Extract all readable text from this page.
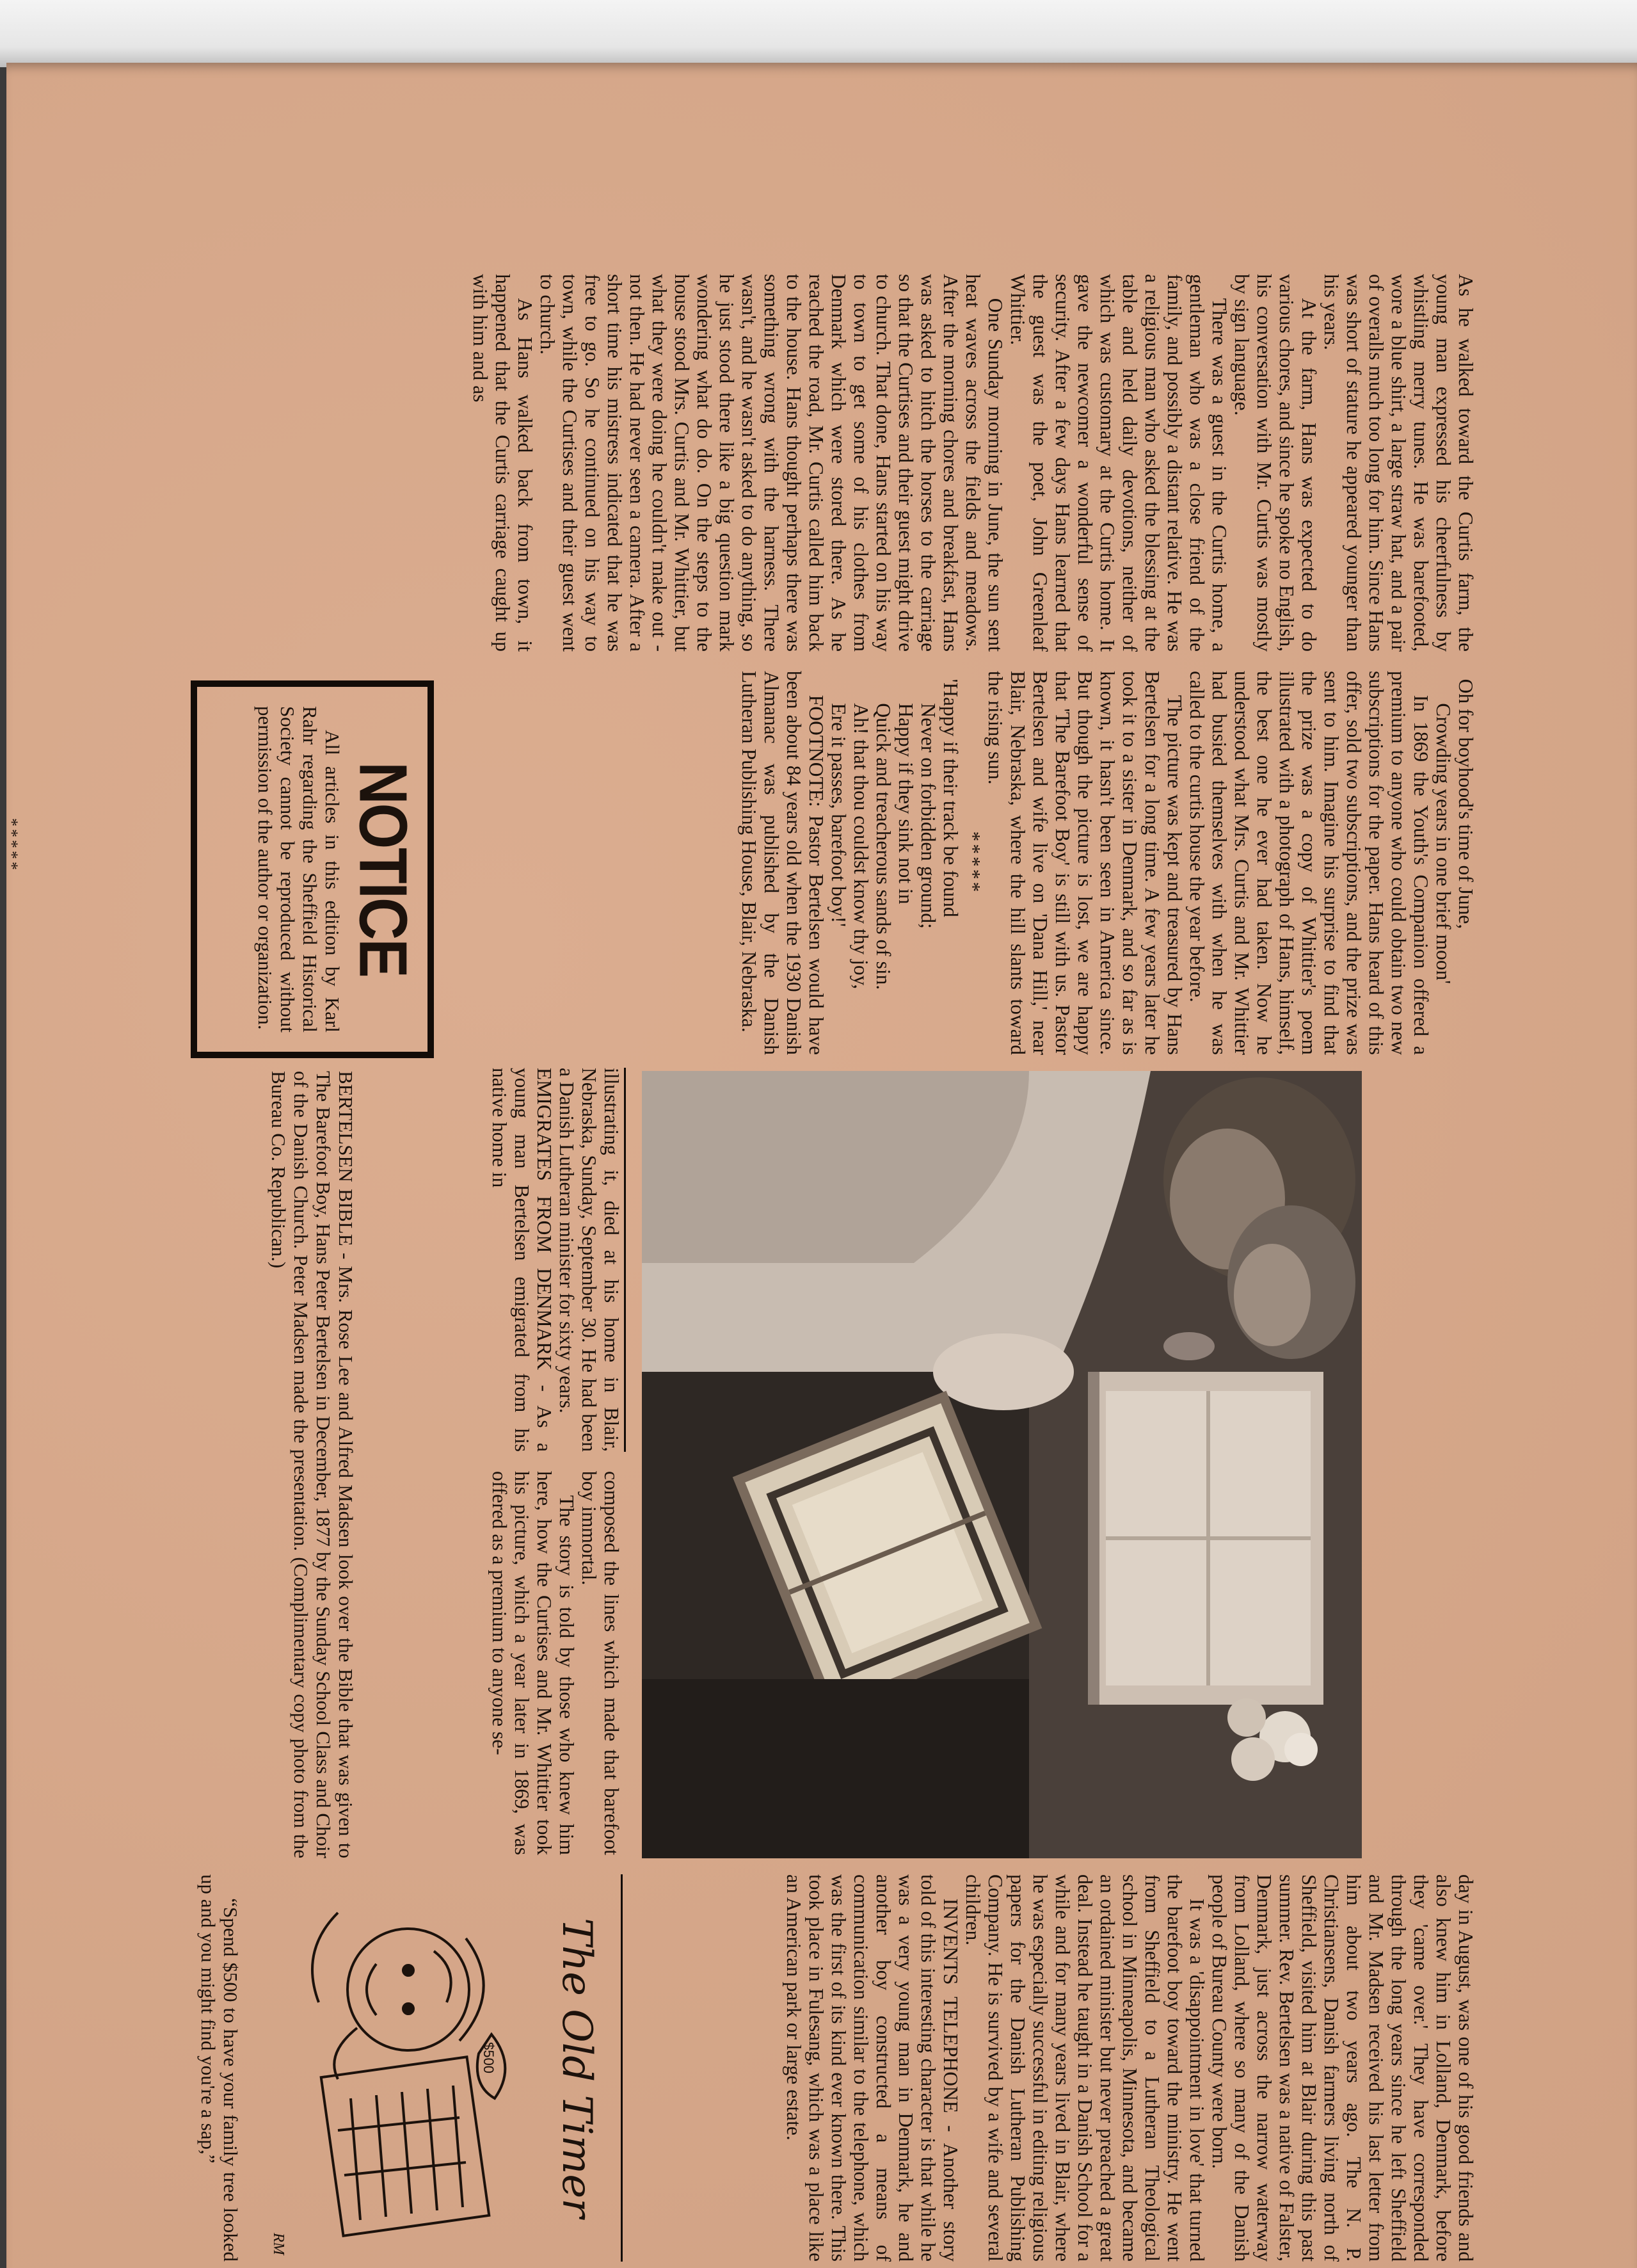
As he walked toward the Curtis farm, the young man expressed his cheerfulness by whistling merry tunes. He was barefooted, wore a blue shirt, a large straw hat, and a pair of overalls much too long for him. Since Hans was short of stature he appeared younger than his years.

At the farm, Hans was expected to do various chores, and since he spoke no English, his conversation with Mr. Curtis was mostly by sign language.

There was a guest in the Curtis home, a gentleman who was a close friend of the family, and possibly a distant relative. He was a religious man who asked the blessing at the table and held daily devotions, neither of which was customary at the Curtis home. It gave the newcomer a wonderful sense of security. After a few days Hans learned that the guest was the poet, John Greenleaf Whittier.

One Sunday morning in June, the sun sent heat waves across the fields and meadows. After the morning chores and breakfast, Hans was asked to hitch the horses to the carriage so that the Curtises and their guest might drive to church. That done, Hans started on his way to town to get some of his clothes from Denmark which were stored there. As he reached the road, Mr. Curtis called him back to the house. Hans thought perhaps there was something wrong with the harness. There wasn't, and he wasn't asked to do anything, so he just stood there like a big question mark wondering what do do. On the steps to the house stood Mrs. Curtis and Mr. Whittier, but what they were doing he couldn't make out - not then. He had never seen a camera. After a short time his mistress indicated that he was free to go. So he continued on his way to town, while the Curtises and their guest went to church.

As Hans walked back from town, it happened that the Curtis carriage caught up with him and as

Oh for boyhood's time of June,

Crowding years in one brief moon'

In 1869 the Youth's Companion offered a premium to anyone who could obtain two new subscriptions for the paper. Hans heard of this offer, sold two subscriptions, and the prize was sent to him. Imagine his surprise to find that the prize was a copy of Whittier's poem illustrated with a photograph of Hans, himself, the best one he ever had taken. Now he understood what Mrs. Curtis and Mr. Whittier had busied themselves with when he was called to the curtis house the year before.

The picture was kept and treasured by Hans Bertelsen for a long time. A few years later he took it to a sister in Denmark, and so far as is known, it hasn't been seen in America since. But though the picture is lost, we are happy that 'The Barefoot Boy' is still with us. Pastor Bertelsen and wife live on 'Dana Hill,' near Blair, Nebraska, where the hill slants toward the rising sun.

*****

'Happy if their track be found

Never on forbidden ground;

Happy if they sink not in

Quick and treacherous sands of sin.

Ah! that thou couldst know thy joy,

Ere it passes, barefoot boy!'

FOOTNOTE: Pastor Bertelsen would have been about 84 years old when the 1930 Danish Almanac was published by the Danish Lutheran Publishing House, Blair, Nebraska.

*****	NOTICE

All articles in this edition by Karl Rahr regarding the Sheffield Historical Society cannot be reproduced without permission of the author or organization.

illustrating it, died at his home in Blair, Nebraska, Sunday, September 30. He had been a Danish Lutheran minister for sixty years.

EMIGRATES FROM DENMARK - As a young man Bertelsen emigrated from his native home in

composed the lines which made that barefoot boy immortal.

The story is told by those who knew him here, how the Curtises and Mr. Whittier took his picture, which a year later in 1869, was offered as a premium to anyone se-

day in August, was one of his good friends and also knew him in Lolland, Denmark, before they 'came over.' They have corresponded through the long years since he left Sheffield and Mr. Madsen received his last letter from him about two years ago. The N. P. Christiansens, Danish farmers living north of Sheffield, visited him at Blair during this past summer. Rev. Bertelsen was a native of Falster, Denmark, just across the narrow waterway from Lolland, where so many of the Danish people of Bureau County were born.

It was a 'disappointment in love' that turned the barefoot boy toward the ministry. He went from Sheffield to a Lutheran Theological school in Minneapolis, Minnesota, and became an ordained minister but never preached a great deal. Instead he taught in a Danish School for a while and for many years lived in Blair, where he was especially successful in editing religious papers for the Danish Lutheran Publishing Company. He is survived by a wife and several children.

INVENTS TELEPHONE - Another story told of this interesting character is that while he was a very young man in Denmark, he and another boy constructed a means of communication similar to the telephone, which was the first of its kind ever known there. This took place in Fulesang, which was a place like an American park or large estate.

The Old Timer

$500
RM

“Spend $500 to have your family tree looked up and you might find you're a sap,”

BERTELSEN BIBLE - Mrs. Rose Lee and Alfred Madsen look over the Bible that was given to The Barefoot Boy, Hans Peter Bertelsen in December, 1877 by the Sunday School Class and Choir of the Danish Church. Peter Madsen made the presentation. (Complimentary copy photo from the Bureau Co. Republican.)
